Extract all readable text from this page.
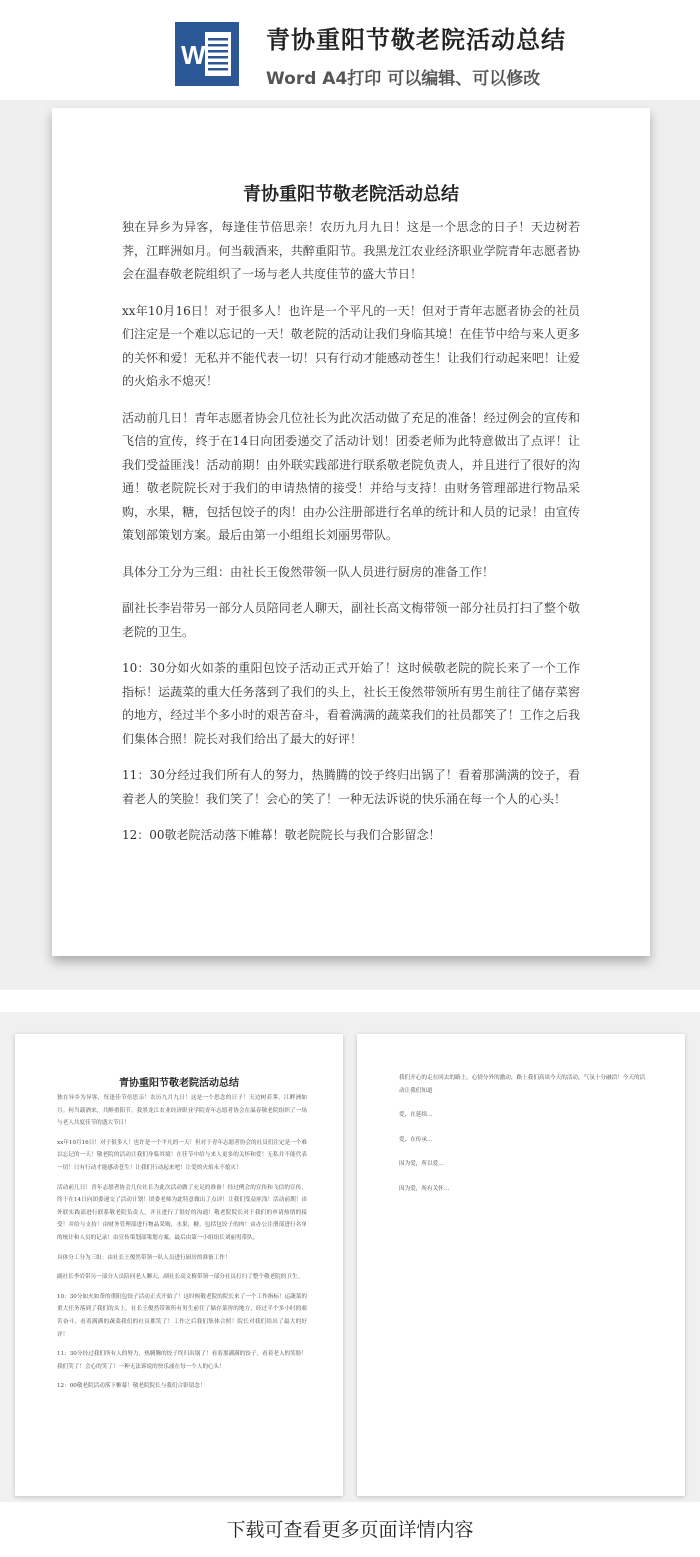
W	青协重阳节敬老院活动总结
Word A4打印 可以编辑、可以修改
青协重阳节敬老院活动总结

独在异乡为异客，每逢佳节倍思亲！农历九月九日！这是一个思念的日子！天边树若荠，江畔洲如月。何当载酒来，共醉重阳节。我黑龙江农业经济职业学院青年志愿者协会在温春敬老院组织了一场与老人共度佳节的盛大节日！

xx年10月16日！对于很多人！也许是一个平凡的一天！但对于青年志愿者协会的社员们注定是一个难以忘记的一天！敬老院的活动让我们身临其境！在佳节中给与来人更多的关怀和爱！无私并不能代表一切！只有行动才能感动苍生！让我们行动起来吧！让爱的火焰永不熄灭！

活动前几日！青年志愿者协会几位社长为此次活动做了充足的准备！经过例会的宣传和飞信的宣传，终于在14日向团委递交了活动计划！团委老师为此特意做出了点评！让我们受益匪浅！活动前期！由外联实践部进行联系敬老院负责人，并且进行了很好的沟通！敬老院院长对于我们的申请热情的接受！并给与支持！由财务管理部进行物品采购，水果，糖，包括包饺子的肉！由办公注册部进行名单的统计和人员的记录！由宣传策划部策划方案。最后由第一小组组长刘丽男带队。

具体分工分为三组：由社长王俊然带领一队人员进行厨房的准备工作！

副社长李岩带另一部分人员陪同老人聊天，副社长高文梅带领一部分社员打扫了整个敬老院的卫生。

10：30分如火如荼的重阳包饺子活动正式开始了！这时候敬老院的院长来了一个工作指标！运蔬菜的重大任务落到了我们的头上，社长王俊然带领所有男生前往了储存菜窖的地方，经过半个多小时的艰苦奋斗，看着满满的蔬菜我们的社员都笑了！工作之后我们集体合照！院长对我们给出了最大的好评！

11：30分经过我们所有人的努力，热腾腾的饺子终归出锅了！看着那满满的饺子，看着老人的笑脸！我们笑了！会心的笑了！一种无法诉说的快乐涌在每一个人的心头！

12：00敬老院活动落下帷幕！敬老院院长与我们合影留念！

青协重阳节敬老院活动总结

独在异乡为异客，每逢佳节倍思亲！农历九月九日！这是一个思念的日子！天边树若荠，江畔洲如月。何当载酒来，共醉重阳节。我黑龙江农业经济职业学院青年志愿者协会在温春敬老院组织了一场与老人共度佳节的盛大节日！

xx年10月16日！对于很多人！也许是一个平凡的一天！但对于青年志愿者协会的社员们注定是一个难以忘记的一天！敬老院的活动让我们身临其境！在佳节中给与来人更多的关怀和爱！无私并不能代表一切！只有行动才能感动苍生！让我们行动起来吧！让爱的火焰永不熄灭！

活动前几日！青年志愿者协会几位社长为此次活动做了充足的准备！经过例会的宣传和飞信的宣传，终于在14日向团委递交了活动计划！团委老师为此特意做出了点评！让我们受益匪浅！活动前期！由外联实践部进行联系敬老院负责人，并且进行了很好的沟通！敬老院院长对于我们的申请热情的接受！并给与支持！由财务管理部进行物品采购，水果，糖，包括包饺子的肉！由办公注册部进行名单的统计和人员的记录！由宣传策划部策划方案。最后由第一小组组长刘丽男带队。

具体分工分为三组：由社长王俊然带领一队人员进行厨房的准备工作！

副社长李岩带另一部分人员陪同老人聊天，副社长高文梅带领一部分社员打扫了整个敬老院的卫生。

10：30分如火如荼的重阳包饺子活动正式开始了！这时候敬老院的院长来了一个工作指标！运蔬菜的重大任务落到了我们的头上，社长王俊然带领所有男生前往了储存菜窖的地方，经过半个多小时的艰苦奋斗，看着满满的蔬菜我们的社员都笑了！工作之后我们集体合照！院长对我们给出了最大的好评！

11：30分经过我们所有人的努力，热腾腾的饺子终归出锅了！看着那满满的饺子，看着老人的笑脸！我们笑了！会心的笑了！一种无法诉说的快乐涌在每一个人的心头！

12：00敬老院活动落下帷幕！敬老院院长与我们合影留念！

我们开心的走在回去的路上，心情分外的激动，路上我们高谈今天的活动，气氛十分融洽！今天的活动让我们知道

爱，在延续…

爱，在传承…

因为爱，所以爱…

因为爱，所有关怀…

下载可查看更多页面详情内容
